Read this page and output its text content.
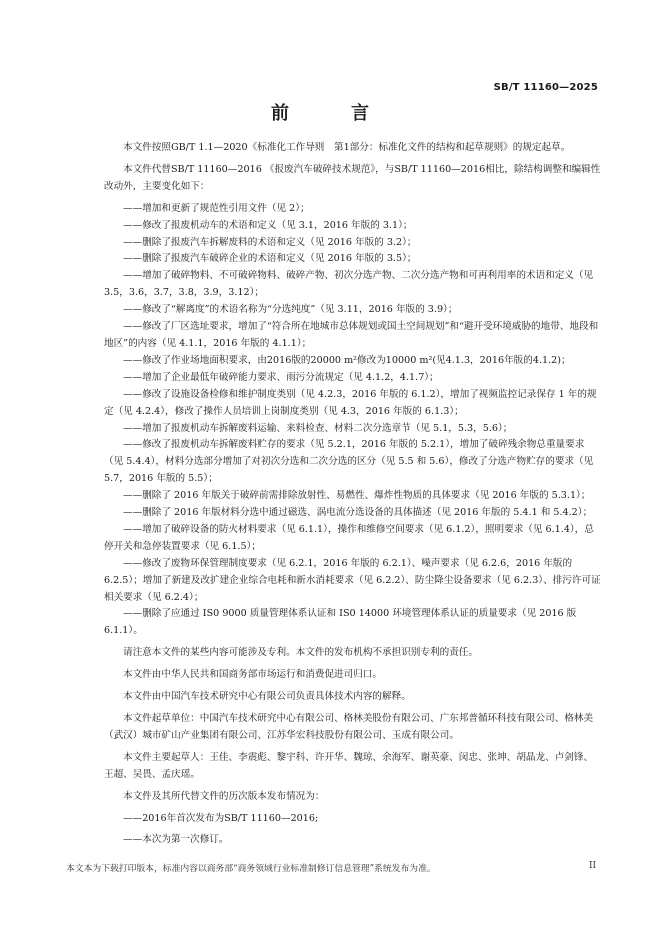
SB/T 11160—2025
前　言

本文件按照GB/T 1.1—2020《标准化工作导则　第1部分：标准化文件的结构和起草规则》的规定起草。

本文件代替SB/T 11160—2016 《报废汽车破碎技术规范》，与SB/T 11160—2016相比，除结构调整和编辑性改动外，主要变化如下：

——增加和更新了规范性引用文件（见 2）；

——修改了报废机动车的术语和定义（见 3.1，2016 年版的 3.1）；

——删除了报废汽车拆解废料的术语和定义（见 2016 年版的 3.2）；

——删除了报废汽车破碎企业的术语和定义（见 2016 年版的 3.5）；

——增加了破碎物料、不可破碎物料、破碎产物、初次分选产物、二次分选产物和可再利用率的术语和定义（见 3.5，3.6，3.7，3.8，3.9，3.12）；

——修改了“解离度”的术语名称为“分选纯度”（见 3.11，2016 年版的 3.9）；

——修改了厂区选址要求，增加了“符合所在地城市总体规划或国土空间规划”和“避开受环境威胁的地带、地段和地区”的内容（见 4.1.1，2016 年版的 4.1.1）；

——修改了作业场地面积要求，由2016版的20000 m²修改为10000 m²(见4.1.3，2016年版的4.1.2)；

——增加了企业最低年破碎能力要求、雨污分流规定（见 4.1.2，4.1.7）；

——修改了设施设备检修和维护制度类别（见 4.2.3，2016 年版的 6.1.2），增加了视频监控记录保存 1 年的规定（见 4.2.4），修改了操作人员培训上岗制度类别（见 4.3，2016 年版的 6.1.3）；

——增加了报废机动车拆解废料运输、来料检查、材料二次分选章节（见 5.1，5.3，5.6）；

——修改了报废机动车拆解废料贮存的要求（见 5.2.1，2016 年版的 5.2.1），增加了破碎残余物总重量要求（见 5.4.4），材料分选部分增加了对初次分选和二次分选的区分（见 5.5 和 5.6），修改了分选产物贮存的要求（见 5.7，2016 年版的 5.5）；

——删除了 2016 年版关于破碎前需排除放射性、易燃性、爆炸性物质的具体要求（见 2016 年版的 5.3.1）；

——删除了 2016 年版材料分选中通过磁选、涡电流分选设备的具体描述（见 2016 年版的 5.4.1 和 5.4.2）；

——增加了破碎设备的防火材料要求（见 6.1.1），操作和维修空间要求（见 6.1.2），照明要求（见 6.1.4），总停开关和急停装置要求（见 6.1.5）；

——修改了废物环保管理制度要求（见 6.2.1，2016 年版的 6.2.1）、噪声要求（见 6.2.6，2016 年版的 6.2.5）；增加了新建及改扩建企业综合电耗和新水消耗要求（见 6.2.2）、防尘降尘设备要求（见 6.2.3）、排污许可证相关要求（见 6.2.4）；

——删除了应通过 IS0 9000 质量管理体系认证和 IS0 14000 环境管理体系认证的质量要求（见 2016 版 6.1.1）。

请注意本文件的某些内容可能涉及专利。本文件的发布机构不承担识别专利的责任。

本文件由中华人民共和国商务部市场运行和消费促进司归口。

本文件由中国汽车技术研究中心有限公司负责具体技术内容的解释。

本文件起草单位：中国汽车技术研究中心有限公司、格林美股份有限公司、广东邦普循环科技有限公司、格林美（武汉）城市矿山产业集团有限公司、江苏华宏科技股份有限公司、玉成有限公司。

本文件主要起草人：王佳、李震彪、黎宇科、许开华、魏琼、余海军、谢英豪、闵忠、张坤、胡晶龙、卢剑锋、王超、吴畏、孟庆瑶。

本文件及其所代替文件的历次版本发布情况为：

——2016年首次发布为SB/T 11160—2016;

——本次为第一次修订。

本文本为下载打印版本，标准内容以商务部“商务领域行业标准制修订信息管理”系统发布为准。	II
